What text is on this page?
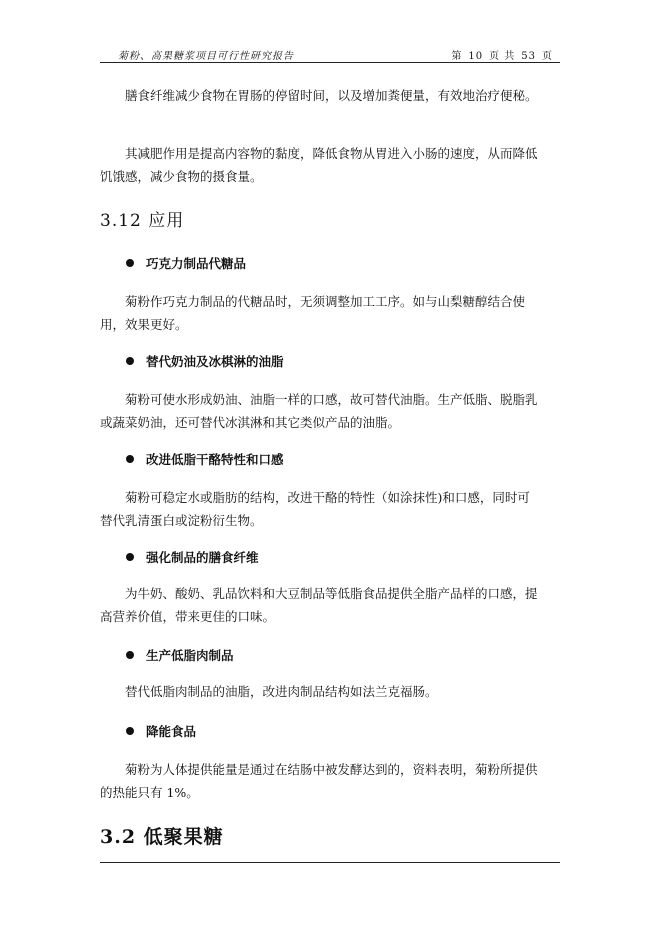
菊粉、高果糖浆项目可行性研究报告	第 10 页 共 53 页

膳食纤维减少食物在胃肠的停留时间，以及增加粪便量，有效地治疗便秘。

其减肥作用是提高内容物的黏度，降低食物从胃进入小肠的速度，从而降低饥饿感，减少食物的摄食量。

3.12 应用
巧克力制品代糖品

菊粉作巧克力制品的代糖品时，无须调整加工工序。如与山梨糖醇结合使用，效果更好。

替代奶油及冰棋淋的油脂

菊粉可使水形成奶油、油脂一样的口感，故可替代油脂。生产低脂、脱脂乳或蔬菜奶油，还可替代冰淇淋和其它类似产品的油脂。

改进低脂干酪特性和口感

菊粉可稳定水或脂肪的结构，改进干酪的特性（如涂抹性)和口感，同时可替代乳清蛋白或淀粉衍生物。

强化制品的膳食纤维

为牛奶、酸奶、乳品饮料和大豆制品等低脂食品提供全脂产品样的口感，提高营养价值，带来更佳的口味。

生产低脂肉制品

替代低脂肉制品的油脂，改进肉制品结构如法兰克福肠。

降能食品

菊粉为人体提供能量是通过在结肠中被发酵达到的，资料表明，菊粉所提供的热能只有 1%。

3.2 低聚果糖
